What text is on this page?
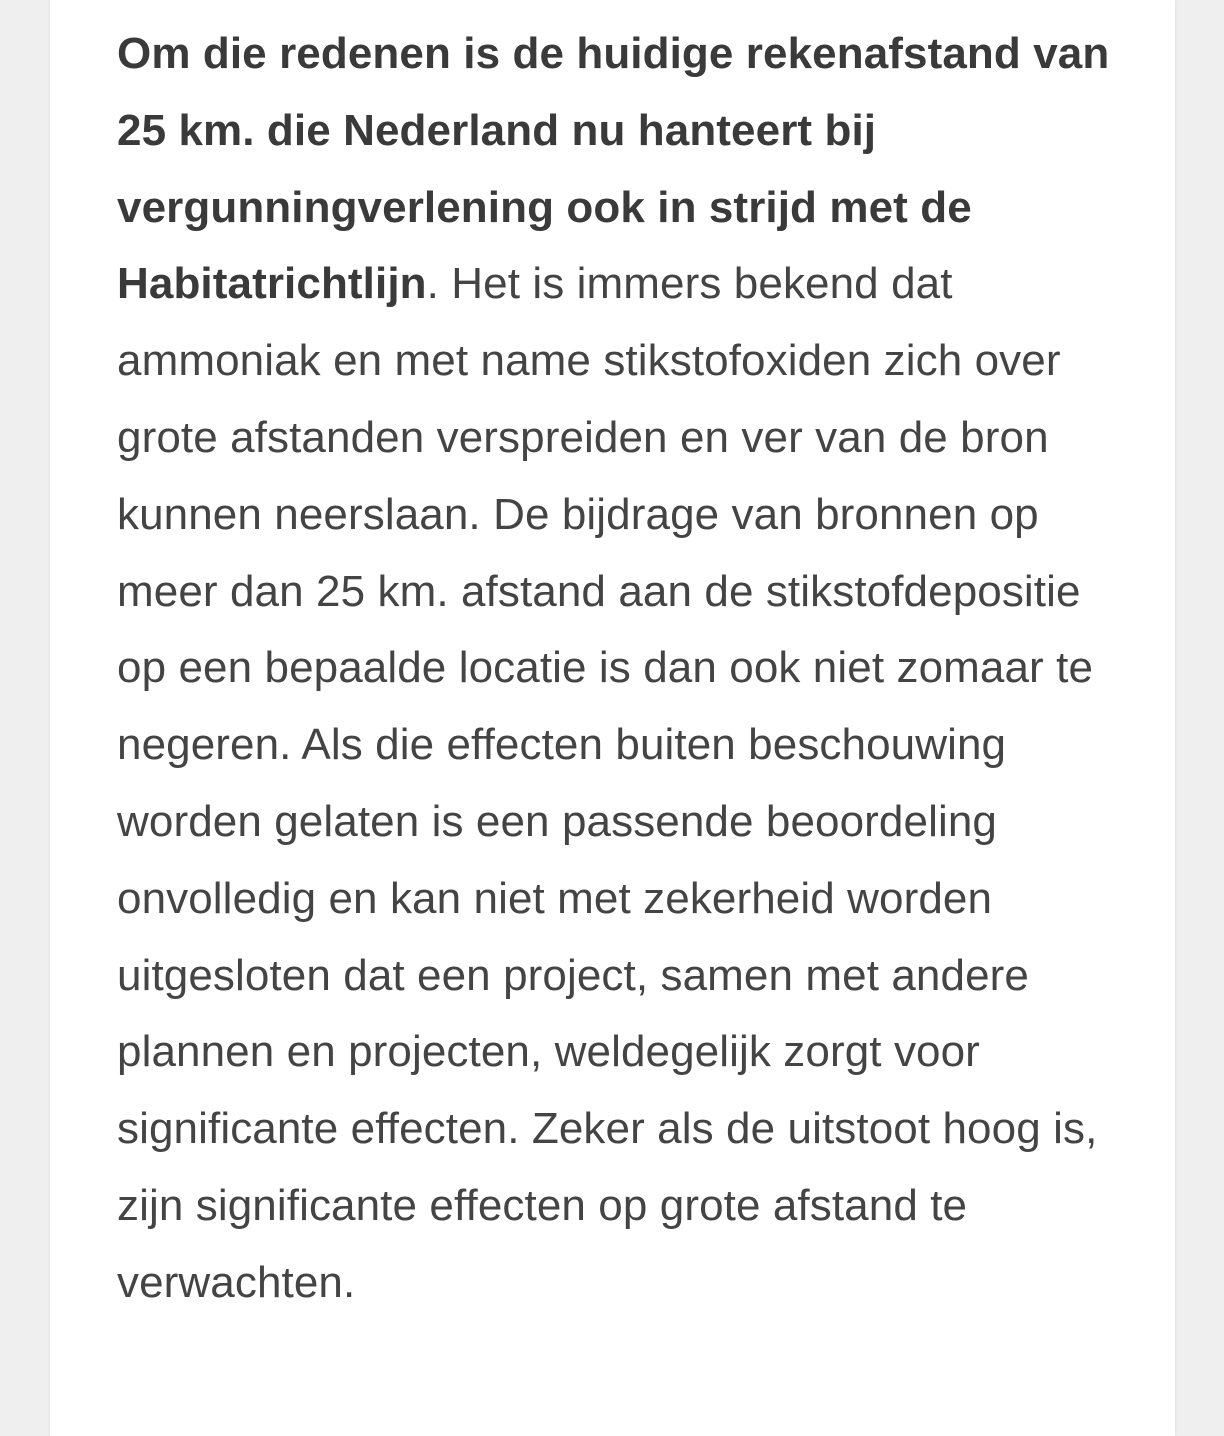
Om die redenen is de huidige rekenafstand van 25 km. die Nederland nu hanteert bij vergunningverlening ook in strijd met de Habitatrichtlijn. Het is immers bekend dat ammoniak en met name stikstofoxiden zich over grote afstanden verspreiden en ver van de bron kunnen neerslaan. De bijdrage van bronnen op meer dan 25 km. afstand aan de stikstofdepositie op een bepaalde locatie is dan ook niet zomaar te negeren. Als die effecten buiten beschouwing worden gelaten is een passende beoordeling onvolledig en kan niet met zekerheid worden uitgesloten dat een project, samen met andere plannen en projecten, weldegelijk zorgt voor significante effecten. Zeker als de uitstoot hoog is, zijn significante effecten op grote afstand te verwachten.
